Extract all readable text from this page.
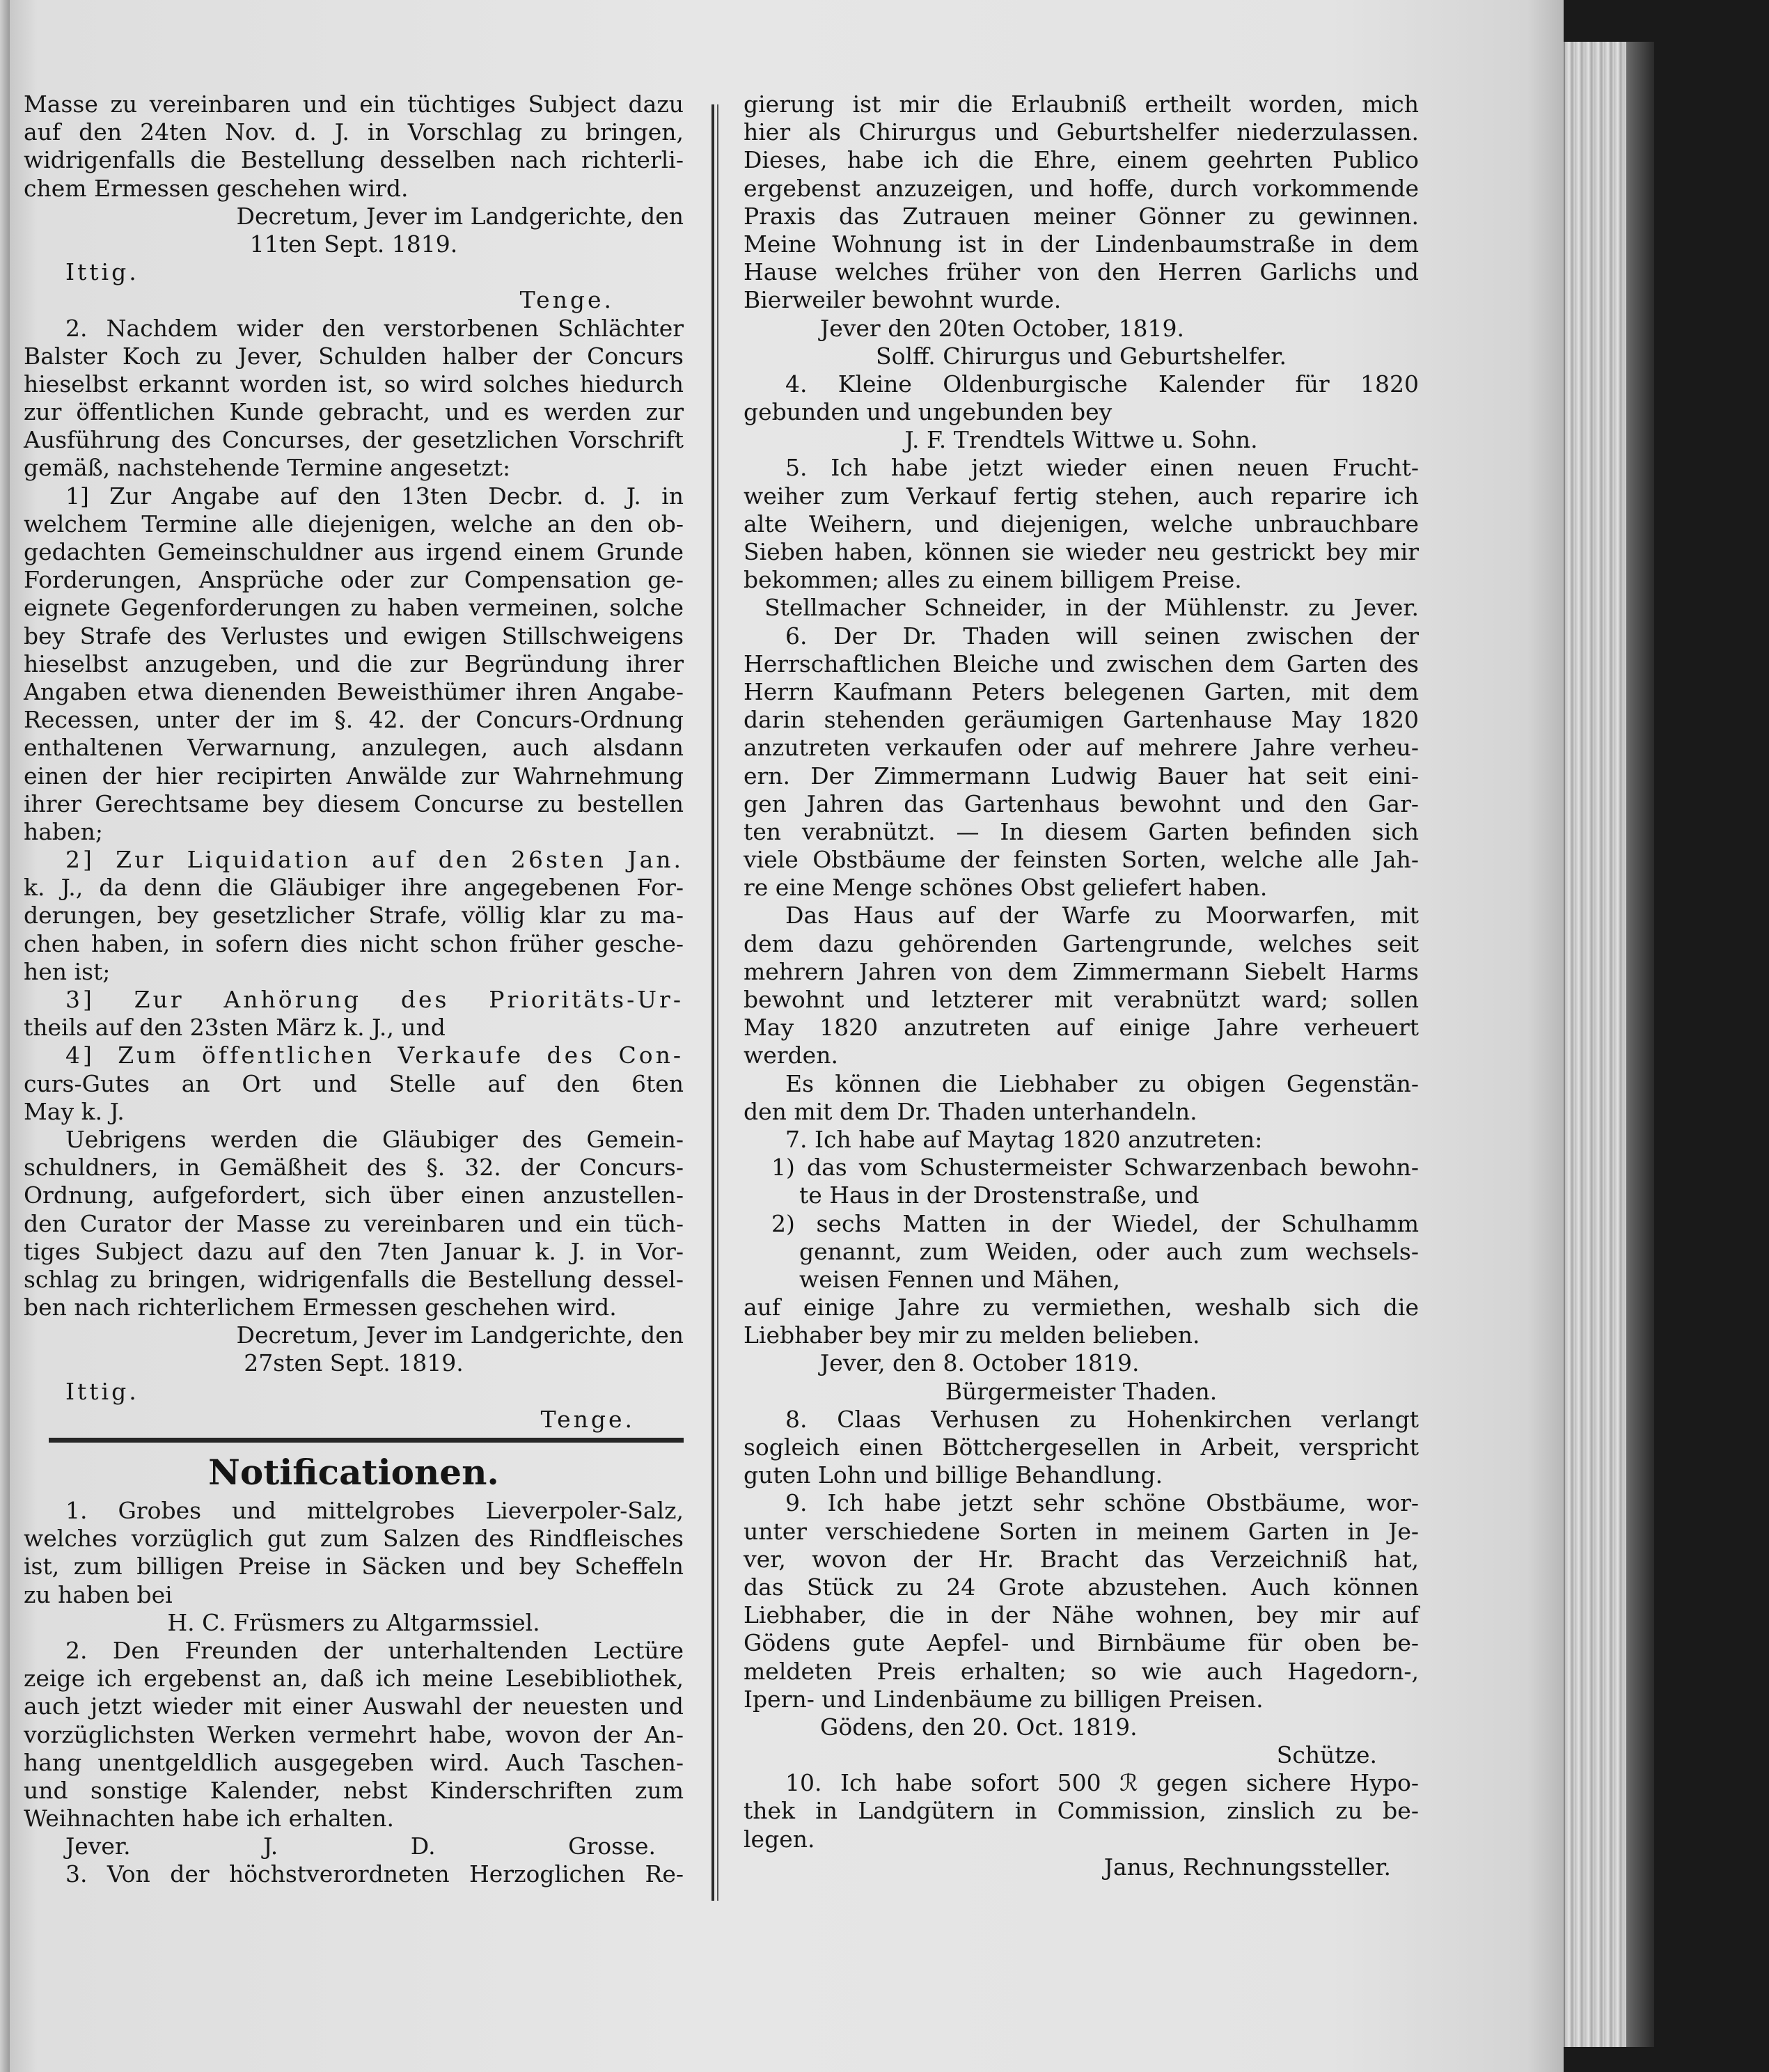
Masse zu vereinbaren und ein tüchtiges Subject dazu
auf den 24ten Nov. d. J. in Vorschlag zu bringen,
widrigenfalls die Bestellung desselben nach richterli-
chem Ermessen geschehen wird.
Decretum, Jever im Landgerichte, den
11ten Sept. 1819.
Ittig.
Tenge.
2. Nachdem wider den verstorbenen Schlächter
Balster Koch zu Jever, Schulden halber der Concurs
hieselbst erkannt worden ist, so wird solches hiedurch
zur öffentlichen Kunde gebracht, und es werden zur
Ausführung des Concurses, der gesetzlichen Vorschrift
gemäß, nachstehende Termine angesetzt:
1] Zur Angabe auf den 13ten Decbr. d. J. in
welchem Termine alle diejenigen, welche an den ob-
gedachten Gemeinschuldner aus irgend einem Grunde
Forderungen, Ansprüche oder zur Compensation ge-
eignete Gegenforderungen zu haben vermeinen, solche
bey Strafe des Verlustes und ewigen Stillschweigens
hieselbst anzugeben, und die zur Begründung ihrer
Angaben etwa dienenden Beweisthümer ihren Angabe-
Recessen, unter der im §. 42. der Concurs-Ordnung
enthaltenen Verwarnung, anzulegen, auch alsdann
einen der hier recipirten Anwälde zur Wahrnehmung
ihrer Gerechtsame bey diesem Concurse zu bestellen
haben;
2] Zur Liquidation auf den 26sten Jan.
k. J., da denn die Gläubiger ihre angegebenen For-
derungen, bey gesetzlicher Strafe, völlig klar zu ma-
chen haben, in sofern dies nicht schon früher gesche-
hen ist;
3] Zur Anhörung des Prioritäts-Ur-
theils auf den 23sten März k. J., und
4] Zum öffentlichen Verkaufe des Con-
curs-Gutes an Ort und Stelle auf den 6ten
May k. J.
Uebrigens werden die Gläubiger des Gemein-
schuldners, in Gemäßheit des §. 32. der Concurs-
Ordnung, aufgefordert, sich über einen anzustellen-
den Curator der Masse zu vereinbaren und ein tüch-
tiges Subject dazu auf den 7ten Januar k. J. in Vor-
schlag zu bringen, widrigenfalls die Bestellung dessel-
ben nach richterlichem Ermessen geschehen wird.
Decretum, Jever im Landgerichte, den
27sten Sept. 1819.
Ittig.
Tenge.
Notificationen.
1. Grobes und mittelgrobes Lieverpoler-Salz,
welches vorzüglich gut zum Salzen des Rindfleisches
ist, zum billigen Preise in Säcken und bey Scheffeln
zu haben bei
H. C. Früsmers zu Altgarmssiel.
2. Den Freunden der unterhaltenden Lectüre
zeige ich ergebenst an, daß ich meine Lesebibliothek,
auch jetzt wieder mit einer Auswahl der neuesten und
vorzüglichsten Werken vermehrt habe, wovon der An-
hang unentgeldlich ausgegeben wird. Auch Taschen-
und sonstige Kalender, nebst Kinderschriften zum
Weihnachten habe ich erhalten.
Jever. J. D. Grosse.
3. Von der höchstverordneten Herzoglichen Re-
gierung ist mir die Erlaubniß ertheilt worden, mich
hier als Chirurgus und Geburtshelfer niederzulassen.
Dieses, habe ich die Ehre, einem geehrten Publico
ergebenst anzuzeigen, und hoffe, durch vorkommende
Praxis das Zutrauen meiner Gönner zu gewinnen.
Meine Wohnung ist in der Lindenbaumstraße in dem
Hause welches früher von den Herren Garlichs und
Bierweiler bewohnt wurde.
Jever den 20ten October, 1819.
Solff. Chirurgus und Geburtshelfer.
4. Kleine Oldenburgische Kalender für 1820
gebunden und ungebunden bey
J. F. Trendtels Wittwe u. Sohn.
5. Ich habe jetzt wieder einen neuen Frucht-
weiher zum Verkauf fertig stehen, auch reparire ich
alte Weihern, und diejenigen, welche unbrauchbare
Sieben haben, können sie wieder neu gestrickt bey mir
bekommen; alles zu einem billigem Preise.
Stellmacher Schneider, in der Mühlenstr. zu Jever.
6. Der Dr. Thaden will seinen zwischen der
Herrschaftlichen Bleiche und zwischen dem Garten des
Herrn Kaufmann Peters belegenen Garten, mit dem
darin stehenden geräumigen Gartenhause May 1820
anzutreten verkaufen oder auf mehrere Jahre verheu-
ern. Der Zimmermann Ludwig Bauer hat seit eini-
gen Jahren das Gartenhaus bewohnt und den Gar-
ten verabnützt. — In diesem Garten befinden sich
viele Obstbäume der feinsten Sorten, welche alle Jah-
re eine Menge schönes Obst geliefert haben.
Das Haus auf der Warfe zu Moorwarfen, mit
dem dazu gehörenden Gartengrunde, welches seit
mehrern Jahren von dem Zimmermann Siebelt Harms
bewohnt und letzterer mit verabnützt ward; sollen
May 1820 anzutreten auf einige Jahre verheuert
werden.
Es können die Liebhaber zu obigen Gegenstän-
den mit dem Dr. Thaden unterhandeln.
7. Ich habe auf Maytag 1820 anzutreten:
1) das vom Schustermeister Schwarzenbach bewohn-
te Haus in der Drostenstraße, und
2) sechs Matten in der Wiedel, der Schulhamm
genannt, zum Weiden, oder auch zum wechsels-
weisen Fennen und Mähen,
auf einige Jahre zu vermiethen, weshalb sich die
Liebhaber bey mir zu melden belieben.
Jever, den 8. October 1819.
Bürgermeister Thaden.
8. Claas Verhusen zu Hohenkirchen verlangt
sogleich einen Böttchergesellen in Arbeit, verspricht
guten Lohn und billige Behandlung.
9. Ich habe jetzt sehr schöne Obstbäume, wor-
unter verschiedene Sorten in meinem Garten in Je-
ver, wovon der Hr. Bracht das Verzeichniß hat,
das Stück zu 24 Grote abzustehen. Auch können
Liebhaber, die in der Nähe wohnen, bey mir auf
Gödens gute Aepfel- und Birnbäume für oben be-
meldeten Preis erhalten; so wie auch Hagedorn-,
Ipern- und Lindenbäume zu billigen Preisen.
Gödens, den 20. Oct. 1819.
Schütze.
10. Ich habe sofort 500 ℛ gegen sichere Hypo-
thek in Landgütern in Commission, zinslich zu be-
legen.
Janus, Rechnungssteller.
